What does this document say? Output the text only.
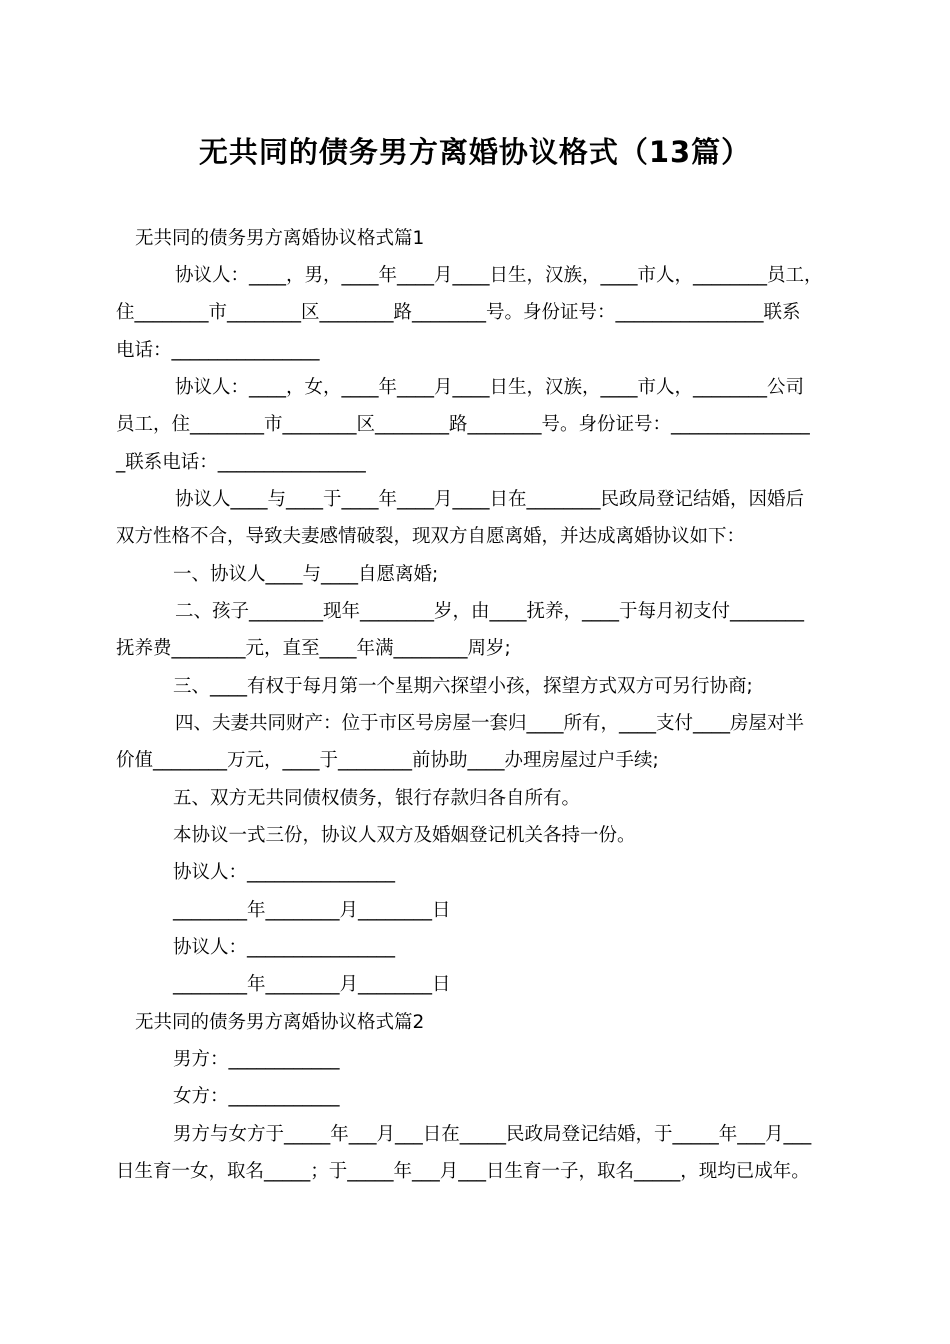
无共同的债务男方离婚协议格式（13篇）
无共同的债务男方离婚协议格式篇1
协议人：____，男，____年____月____日生，汉族，____市人，________员工，
住________市________区________路________号。身份证号：________________联系
电话：________________
协议人：____，女，____年____月____日生，汉族，____市人，________公司
员工，住________市________区________路________号。身份证号：_______________
_联系电话：________________
协议人____与____于____年____月____日在________民政局登记结婚，因婚后
双方性格不合，导致夫妻感情破裂，现双方自愿离婚，并达成离婚协议如下：
一、协议人____与____自愿离婚;
二、孩子________现年________岁，由____抚养，____于每月初支付________
抚养费________元，直至____年满________周岁;
三、____有权于每月第一个星期六探望小孩，探望方式双方可另行协商;
四、夫妻共同财产：位于市区号房屋一套归____所有，____支付____房屋对半
价值________万元，____于________前协助____办理房屋过户手续;
五、双方无共同债权债务，银行存款归各自所有。
本协议一式三份，协议人双方及婚姻登记机关各持一份。
协议人：________________
________年________月________日
协议人：________________
________年________月________日
无共同的债务男方离婚协议格式篇2
男方：____________
女方：____________
男方与女方于_____年___月___日在_____民政局登记结婚，于_____年___月___
日生育一女，取名_____；于_____年___月___日生育一子，取名_____，现均已成年。
